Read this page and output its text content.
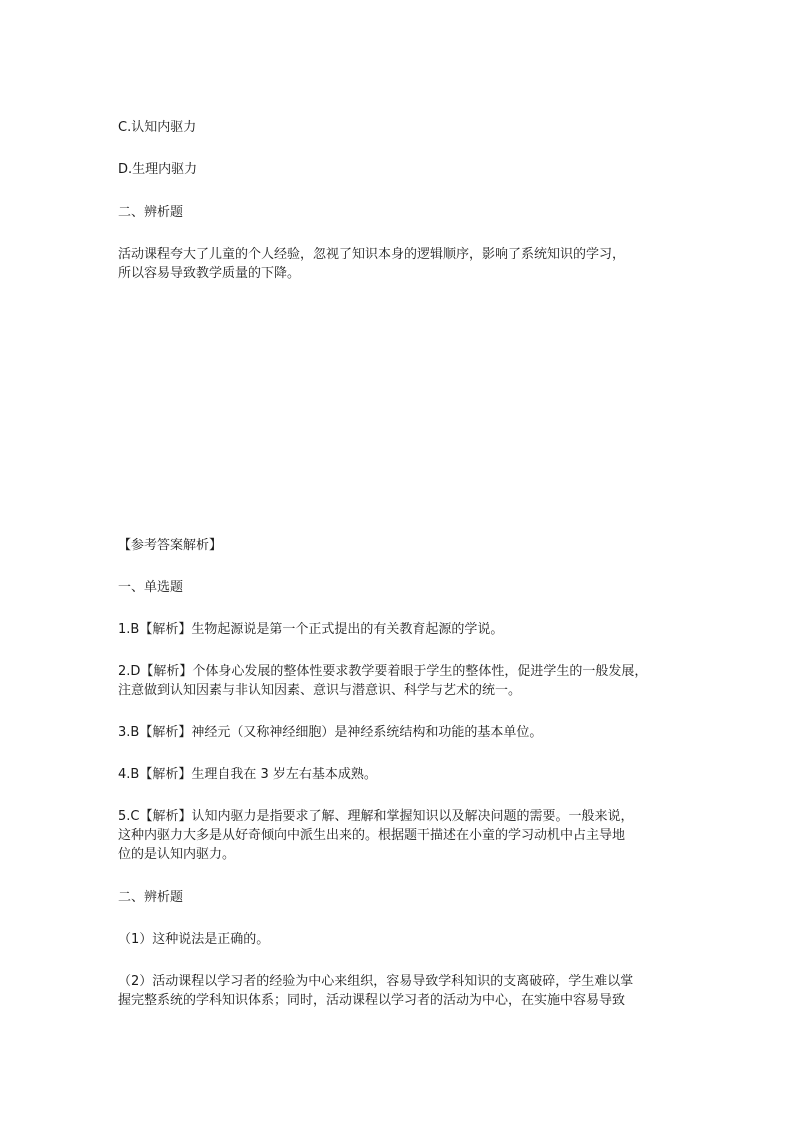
C.认知内驱力

D.生理内驱力

二、辨析题

活动课程夸大了儿童的个人经验，忽视了知识本身的逻辑顺序，影响了系统知识的学习，

所以容易导致教学质量的下降。

【参考答案解析】

一、单选题

1.B【解析】生物起源说是第一个正式提出的有关教育起源的学说。

2.D【解析】个体身心发展的整体性要求教学要着眼于学生的整体性，促进学生的一般发展，

注意做到认知因素与非认知因素、意识与潜意识、科学与艺术的统一。

3.B【解析】神经元（又称神经细胞）是神经系统结构和功能的基本单位。

4.B【解析】生理自我在 3 岁左右基本成熟。

5.C【解析】认知内驱力是指要求了解、理解和掌握知识以及解决问题的需要。一般来说，

这种内驱力大多是从好奇倾向中派生出来的。根据题干描述在小童的学习动机中占主导地

位的是认知内驱力。

二、辨析题

（1）这种说法是正确的。

（2）活动课程以学习者的经验为中心来组织，容易导致学科知识的支离破碎，学生难以掌

握完整系统的学科知识体系；同时，活动课程以学习者的活动为中心，在实施中容易导致
